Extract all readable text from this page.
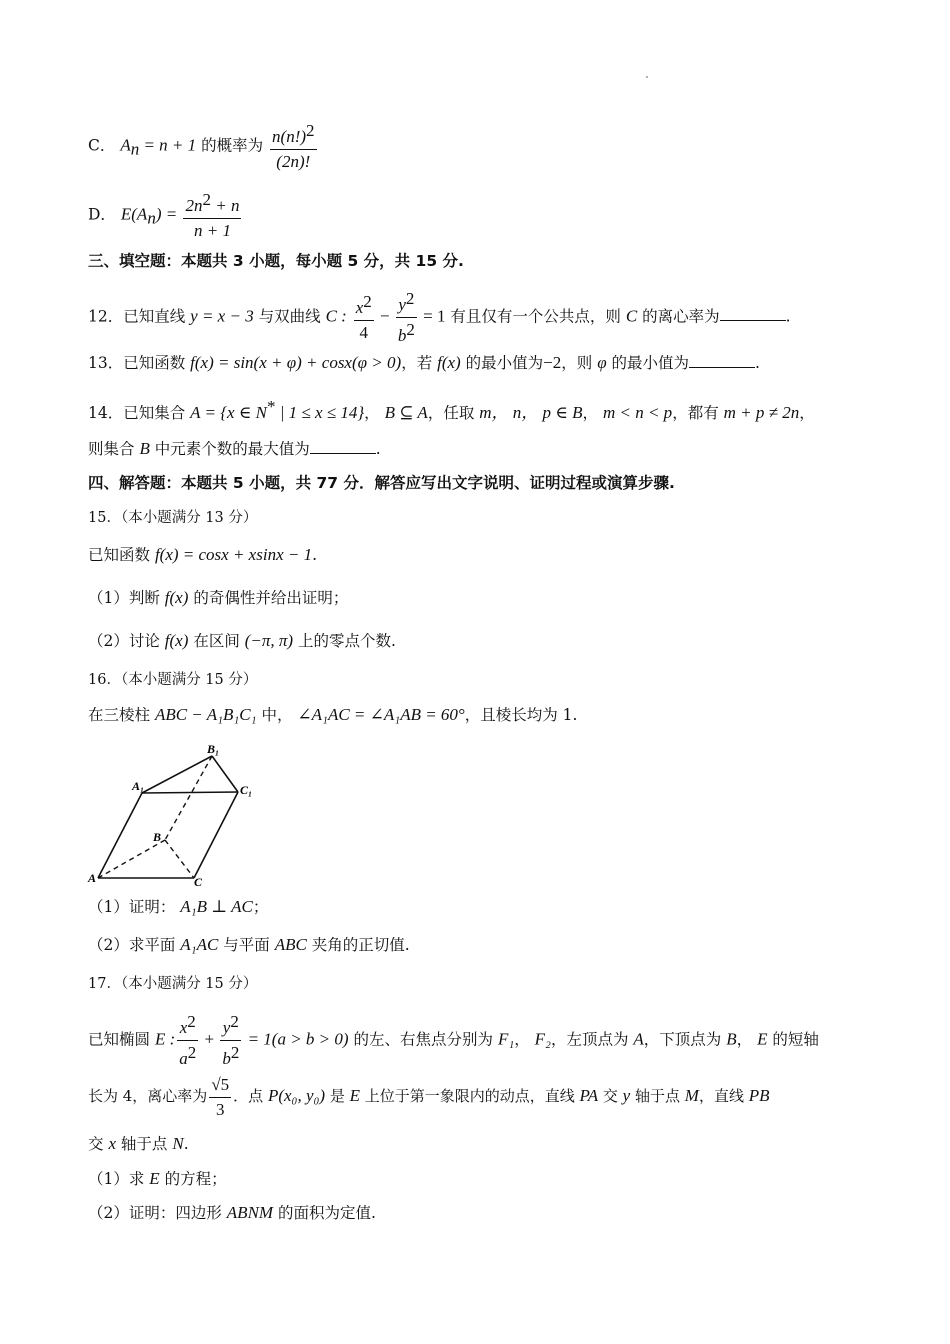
C． $A_n = n + 1$ 的概率为 $\frac{n(n!)^2}{(2n)!}$
D． $E(A_n) = \frac{2n^2 + n}{n + 1}$
三、填空题：本题共 3 小题，每小题 5 分，共 15 分.
12．已知直线 y = x − 3 与双曲线 C : $\frac{x^2}{4} - \frac{y^2}{b^2} = 1$ 有且仅有一个公共点，则 C 的离心率为	.
13．已知函数 f(x) = sin(x + φ) + cosx(φ > 0)，若 f(x) 的最小值为−2，则 φ 的最小值为	.
14．已知集合 A = {x ∈ N* | 1 ≤ x ≤ 14}， B ⊆ A，任取 m， n， p ∈ B， m < n < p，都有 m + p ≠ 2n，
则集合 B 中元素个数的最大值为	.
四、解答题：本题共 5 小题，共 77 分．解答应写出文字说明、证明过程或演算步骤.
15．（本小题满分 13 分）
已知函数 f(x) = cosx + xsinx − 1.
（1）判断 f(x) 的奇偶性并给出证明；
（2）讨论 f(x) 在区间 (−π, π) 上的零点个数.
16．（本小题满分 15 分）
在三棱柱 ABC − A₁B₁C₁ 中， ∠A₁AC = ∠A₁AB = 60°，且棱长均为 1.
B₁
A₁	C₁
B
A	C
（1）证明： A₁B ⊥ AC；
（2）求平面 A₁AC 与平面 ABC 夹角的正切值.
17．（本小题满分 15 分）
已知椭圆 E : $\frac{x^2}{a^2} + \frac{y^2}{b^2} = 1(a > b > 0)$ 的左、右焦点分别为 F₁， F₂，左顶点为 A，下顶点为 B， E 的短轴
长为 4，离心率为 $\frac{√5}{3}$ ．点 P(x₀, y₀) 是 E 上位于第一象限内的动点，直线 PA 交 y 轴于点 M，直线 PB
交 x 轴于点 N.
（1）求 E 的方程；
（2）证明：四边形 ABNM 的面积为定值.
